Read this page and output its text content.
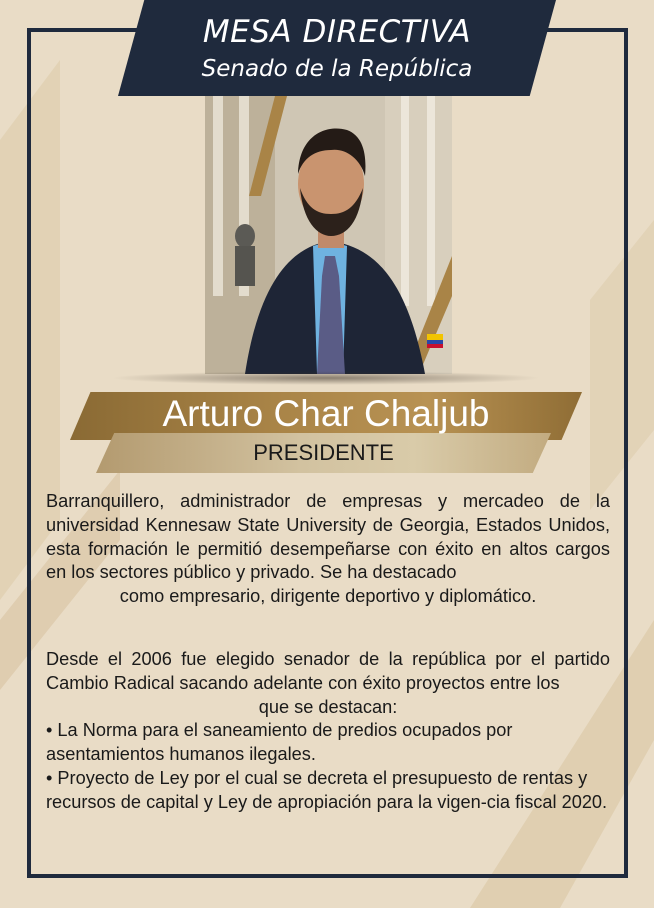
MESA DIRECTIVA
Senado de la República
Arturo Char Chaljub
PRESIDENTE
Barranquillero, administrador de empresas y mercadeo de la universidad Kennesaw State University de Georgia, Estados Unidos, esta formación le permitió desempeñarse con éxito en altos cargos en los sectores público y privado. Se ha destacado
como empresario, dirigente deportivo y diplomático.

Desde el 2006 fue elegido senador de la república por el partido Cambio Radical sacando adelante con éxito proyectos entre los

que se destacan:

• La Norma para el saneamiento de predios ocupados por asentamientos humanos ilegales.

• Proyecto de Ley por el cual se decreta el presupuesto de rentas y recursos de capital y Ley de apropiación para la vigen-cia fiscal 2020.
